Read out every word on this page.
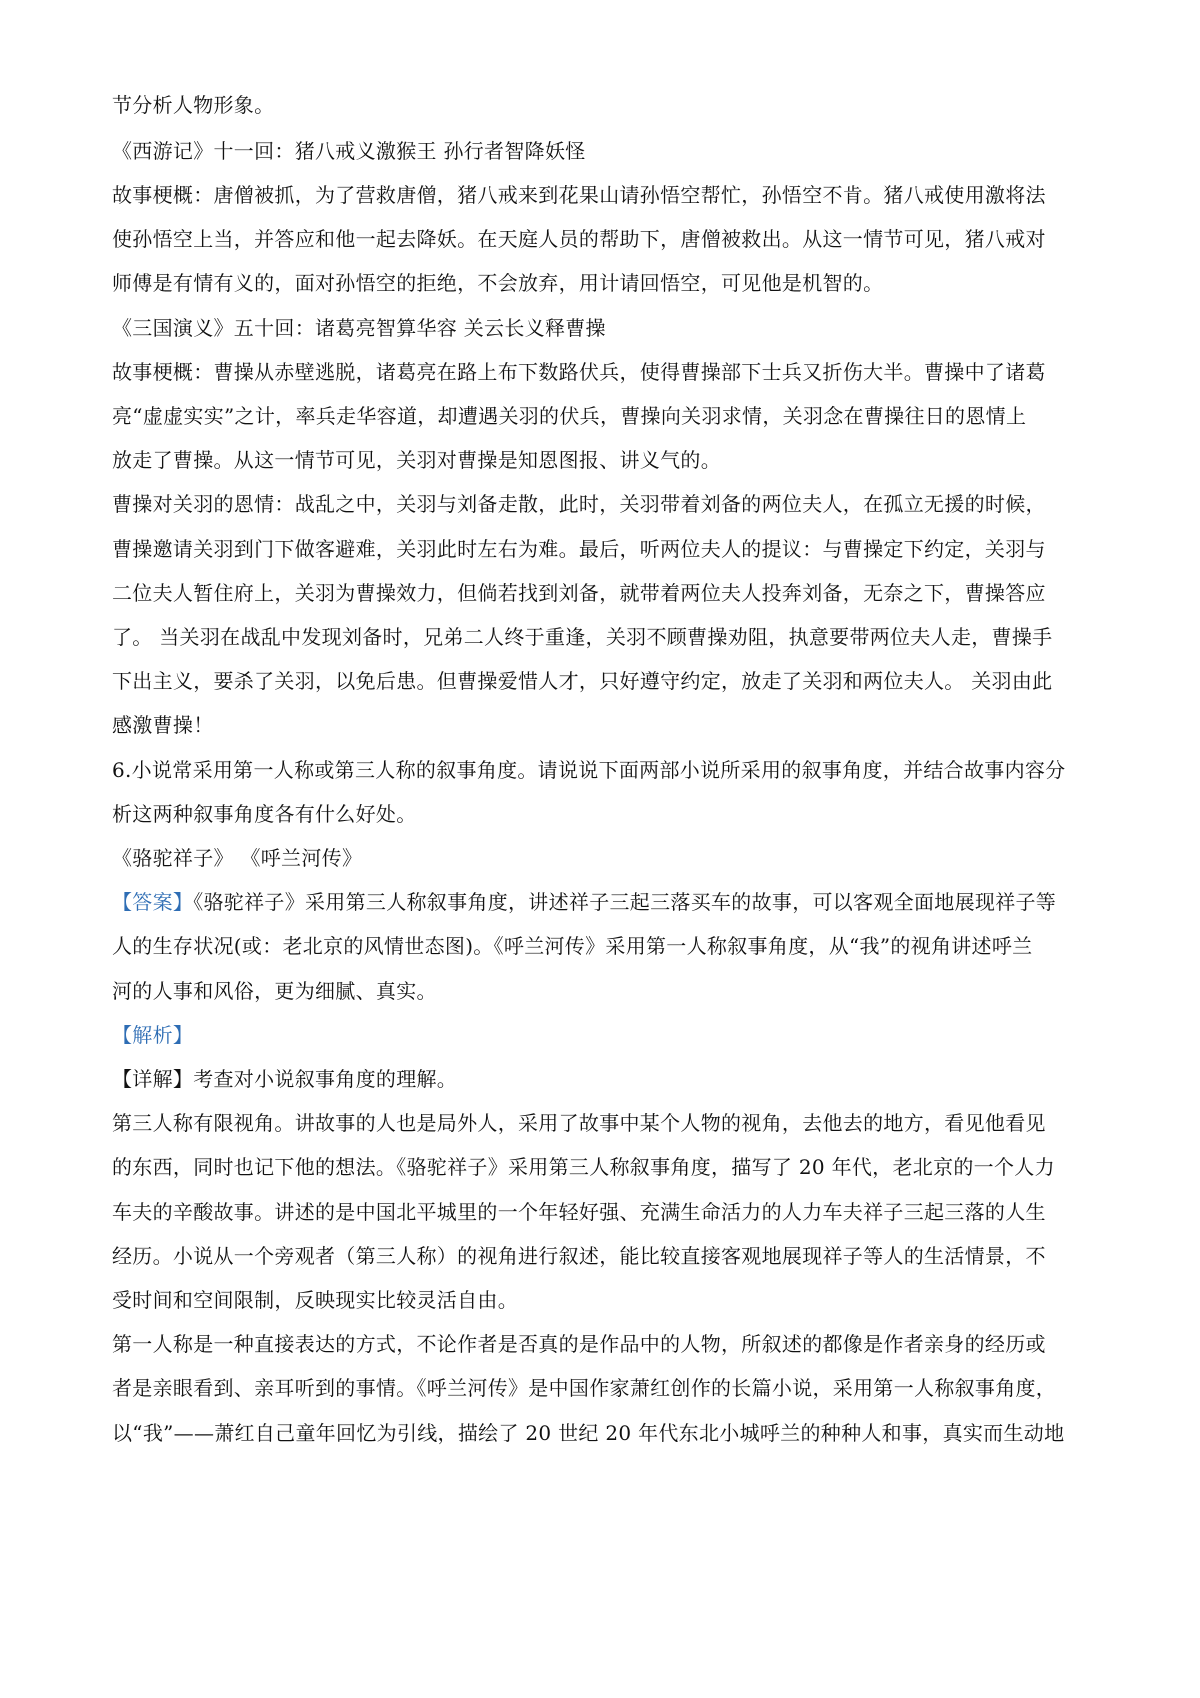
节分析人物形象。
《西游记》十一回：猪八戒义激猴王 孙行者智降妖怪
故事梗概：唐僧被抓，为了营救唐僧，猪八戒来到花果山请孙悟空帮忙，孙悟空不肯。猪八戒使用激将法
使孙悟空上当，并答应和他一起去降妖。在天庭人员的帮助下，唐僧被救出。从这一情节可见，猪八戒对
师傅是有情有义的，面对孙悟空的拒绝，不会放弃，用计请回悟空，可见他是机智的。
《三国演义》五十回：诸葛亮智算华容 关云长义释曹操
故事梗概：曹操从赤壁逃脱，诸葛亮在路上布下数路伏兵，使得曹操部下士兵又折伤大半。曹操中了诸葛
亮“虚虚实实”之计，率兵走华容道，却遭遇关羽的伏兵，曹操向关羽求情，关羽念在曹操往日的恩情上
放走了曹操。从这一情节可见，关羽对曹操是知恩图报、讲义气的。
曹操对关羽的恩情：战乱之中，关羽与刘备走散，此时，关羽带着刘备的两位夫人，在孤立无援的时候，
曹操邀请关羽到门下做客避难，关羽此时左右为难。最后，听两位夫人的提议：与曹操定下约定，关羽与
二位夫人暂住府上，关羽为曹操效力，但倘若找到刘备，就带着两位夫人投奔刘备，无奈之下，曹操答应
了。 当关羽在战乱中发现刘备时，兄弟二人终于重逢，关羽不顾曹操劝阻，执意要带两位夫人走，曹操手
下出主义，要杀了关羽，以免后患。但曹操爱惜人才，只好遵守约定，放走了关羽和两位夫人。 关羽由此
感激曹操！
6.小说常采用第一人称或第三人称的叙事角度。请说说下面两部小说所采用的叙事角度，并结合故事内容分
析这两种叙事角度各有什么好处。
《骆驼祥子》 《呼兰河传》
【答案】《骆驼祥子》采用第三人称叙事角度，讲述祥子三起三落买车的故事，可以客观全面地展现祥子等
人的生存状况(或：老北京的风情世态图)。《呼兰河传》采用第一人称叙事角度，从“我”的视角讲述呼兰
河的人事和风俗，更为细腻、真实。
【解析】
【详解】考查对小说叙事角度的理解。
第三人称有限视角。讲故事的人也是局外人，采用了故事中某个人物的视角，去他去的地方，看见他看见
的东西，同时也记下他的想法。《骆驼祥子》采用第三人称叙事角度，描写了 20 年代，老北京的一个人力
车夫的辛酸故事。讲述的是中国北平城里的一个年轻好强、充满生命活力的人力车夫祥子三起三落的人生
经历。小说从一个旁观者（第三人称）的视角进行叙述，能比较直接客观地展现祥子等人的生活情景，不
受时间和空间限制，反映现实比较灵活自由。
第一人称是一种直接表达的方式，不论作者是否真的是作品中的人物，所叙述的都像是作者亲身的经历或
者是亲眼看到、亲耳听到的事情。《呼兰河传》是中国作家萧红创作的长篇小说，采用第一人称叙事角度，
以“我”——萧红自己童年回忆为引线，描绘了 20 世纪 20 年代东北小城呼兰的种种人和事，真实而生动地
